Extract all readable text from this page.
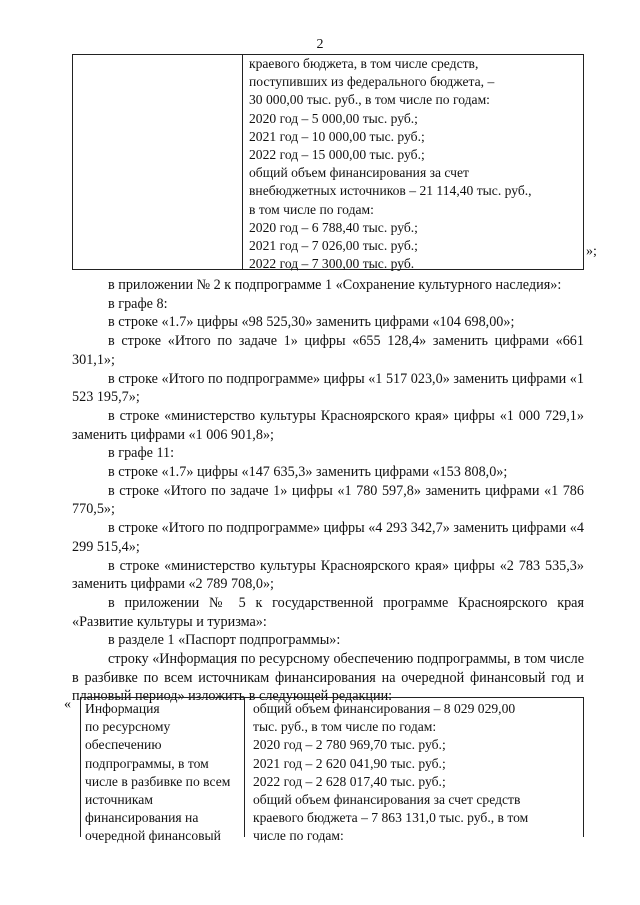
2
краевого бюджета, в том числе средств,
поступивших из федерального бюджета, –
30 000,00 тыс. руб., в том числе по годам:
2020 год – 5 000,00 тыс. руб.;
2021 год – 10 000,00 тыс. руб.;
2022 год – 15 000,00 тыс. руб.;
общий объем финансирования за счет
внебюджетных источников – 21 114,40 тыс. руб.,
в том числе по годам:
2020 год – 6 788,40 тыс. руб.;
2021 год – 7 026,00 тыс. руб.;
2022 год – 7 300,00 тыс. руб.
»;

в приложении № 2 к подпрограмме 1 «Сохранение культурного наследия»:

в графе 8:

в строке «1.7» цифры «98 525,30» заменить цифрами «104 698,00»;

в строке «Итого по задаче 1» цифры «655 128,4» заменить цифрами «661 301,1»;

в строке «Итого по подпрограмме» цифры «1 517 023,0» заменить цифрами «1 523 195,7»;

в строке «министерство культуры Красноярского края» цифры «1 000 729,1» заменить цифрами «1 006 901,8»;

в графе 11:

в строке «1.7» цифры «147 635,3» заменить цифрами «153 808,0»;

в строке «Итого по задаче 1» цифры «1 780 597,8» заменить цифрами «1 786 770,5»;

в строке «Итого по подпрограмме» цифры «4 293 342,7» заменить цифрами «4 299 515,4»;

в строке «министерство культуры Красноярского края» цифры «2 783 535,3» заменить цифрами «2 789 708,0»;

в приложении № 5 к государственной программе Красноярского края «Развитие культуры и туризма»:

в разделе 1 «Паспорт подпрограммы»:

строку «Информация по ресурсному обеспечению подпрограммы, в том числе в разбивке по всем источникам финансирования на очередной финансовый год и плановый период» изложить в следующей редакции:

« Информация
по ресурсному
обеспечению
подпрограммы, в том
числе в разбивке по всем
источникам
финансирования на
очередной финансовый
общий объем финансирования – 8 029 029,00
тыс. руб., в том числе по годам:
2020 год – 2 780 969,70 тыс. руб.;
2021 год – 2 620 041,90 тыс. руб.;
2022 год – 2 628 017,40 тыс. руб.;
общий объем финансирования за счет средств
краевого бюджета – 7 863 131,0 тыс. руб., в том
числе по годам:
